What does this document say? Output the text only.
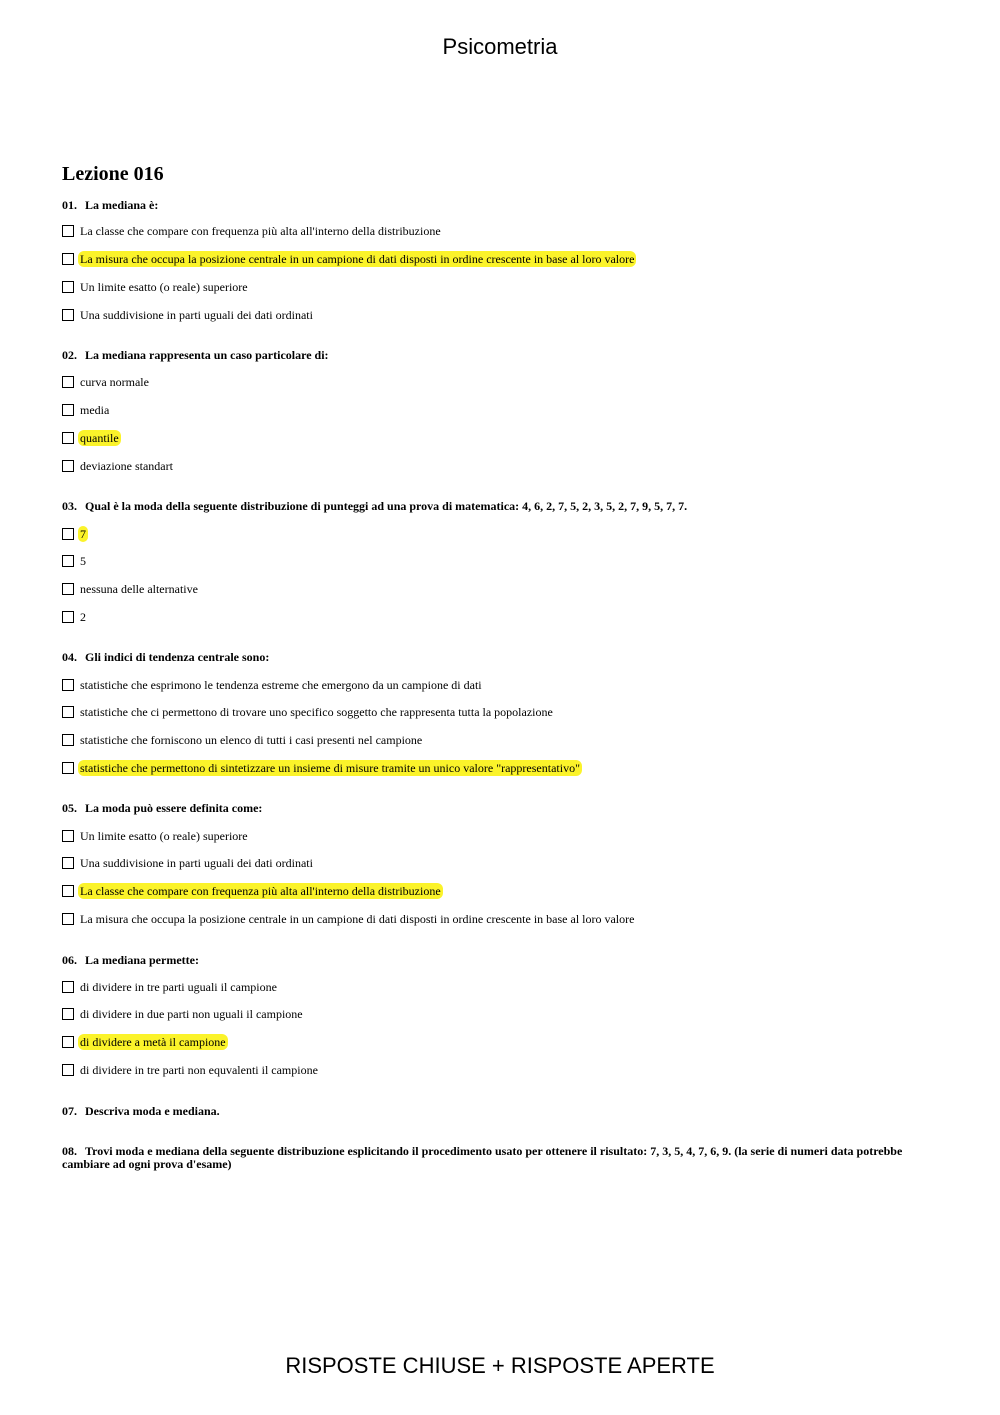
Psicometria
Lezione 016
01. La mediana è:
La classe che compare con frequenza più alta all'interno della distribuzione
La misura che occupa la posizione centrale in un campione di dati disposti in ordine crescente in base al loro valore
Un limite esatto (o reale) superiore
Una suddivisione in parti uguali dei dati ordinati
02. La mediana rappresenta un caso particolare di:
curva normale
media
quantile
deviazione standart
03. Qual è la moda della seguente distribuzione di punteggi ad una prova di matematica: 4, 6, 2, 7, 5, 2, 3, 5, 2, 7, 9, 5, 7, 7.
7
5
nessuna delle alternative
2
04. Gli indici di tendenza centrale sono:
statistiche che esprimono le tendenza estreme che emergono da un campione di dati
statistiche che ci permettono di trovare uno specifico soggetto che rappresenta tutta la popolazione
statistiche che forniscono un elenco di tutti i casi presenti nel campione
statistiche che permettono di sintetizzare un insieme di misure tramite un unico valore "rappresentativo"
05. La moda può essere definita come:
Un limite esatto (o reale) superiore
Una suddivisione in parti uguali dei dati ordinati
La classe che compare con frequenza più alta all'interno della distribuzione
La misura che occupa la posizione centrale in un campione di dati disposti in ordine crescente in base al loro valore
06. La mediana permette:
di dividere in tre parti uguali il campione
di dividere in due parti non uguali il campione
di dividere a metà il campione
di dividere in tre parti non equvalenti il campione
07. Descriva moda e mediana.
08. Trovi moda e mediana della seguente distribuzione esplicitando il procedimento usato per ottenere il risultato: 7, 3, 5, 4, 7, 6, 9. (la serie di numeri data potrebbe cambiare ad ogni prova d'esame)
RISPOSTE CHIUSE + RISPOSTE APERTE
